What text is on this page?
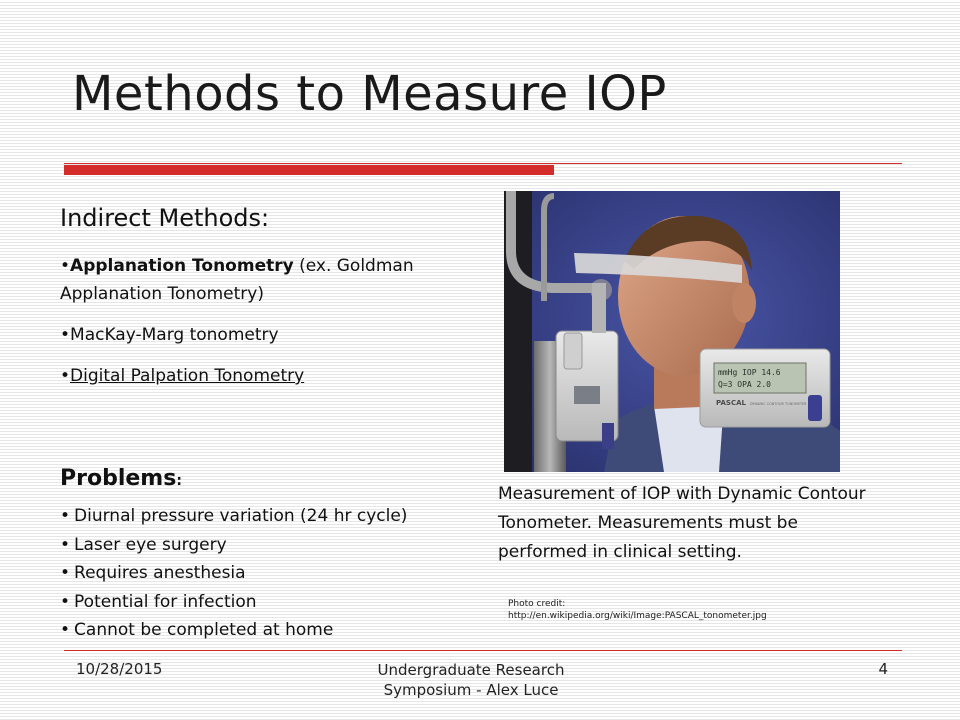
Methods to Measure IOP
Indirect Methods:
• Applanation Tonometry (ex. Goldman Applanation Tonometry)
• MacKay-Marg tonometry
• Digital Palpation Tonometry
Problems:
• Diurnal pressure variation (24 hr cycle)
• Laser eye surgery
• Requires anesthesia
• Potential for infection
• Cannot be completed at home
mmHg IOP 14.6
Q=3 OPA 2.0
PASCAL DYNAMIC CONTOUR TONOMETER
Measurement of IOP with Dynamic Contour Tonometer. Measurements must be performed in clinical setting.
Photo credit:
http://en.wikipedia.org/wiki/Image:PASCAL_tonometer.jpg
10/28/2015	Undergraduate Research Symposium - Alex Luce
4
